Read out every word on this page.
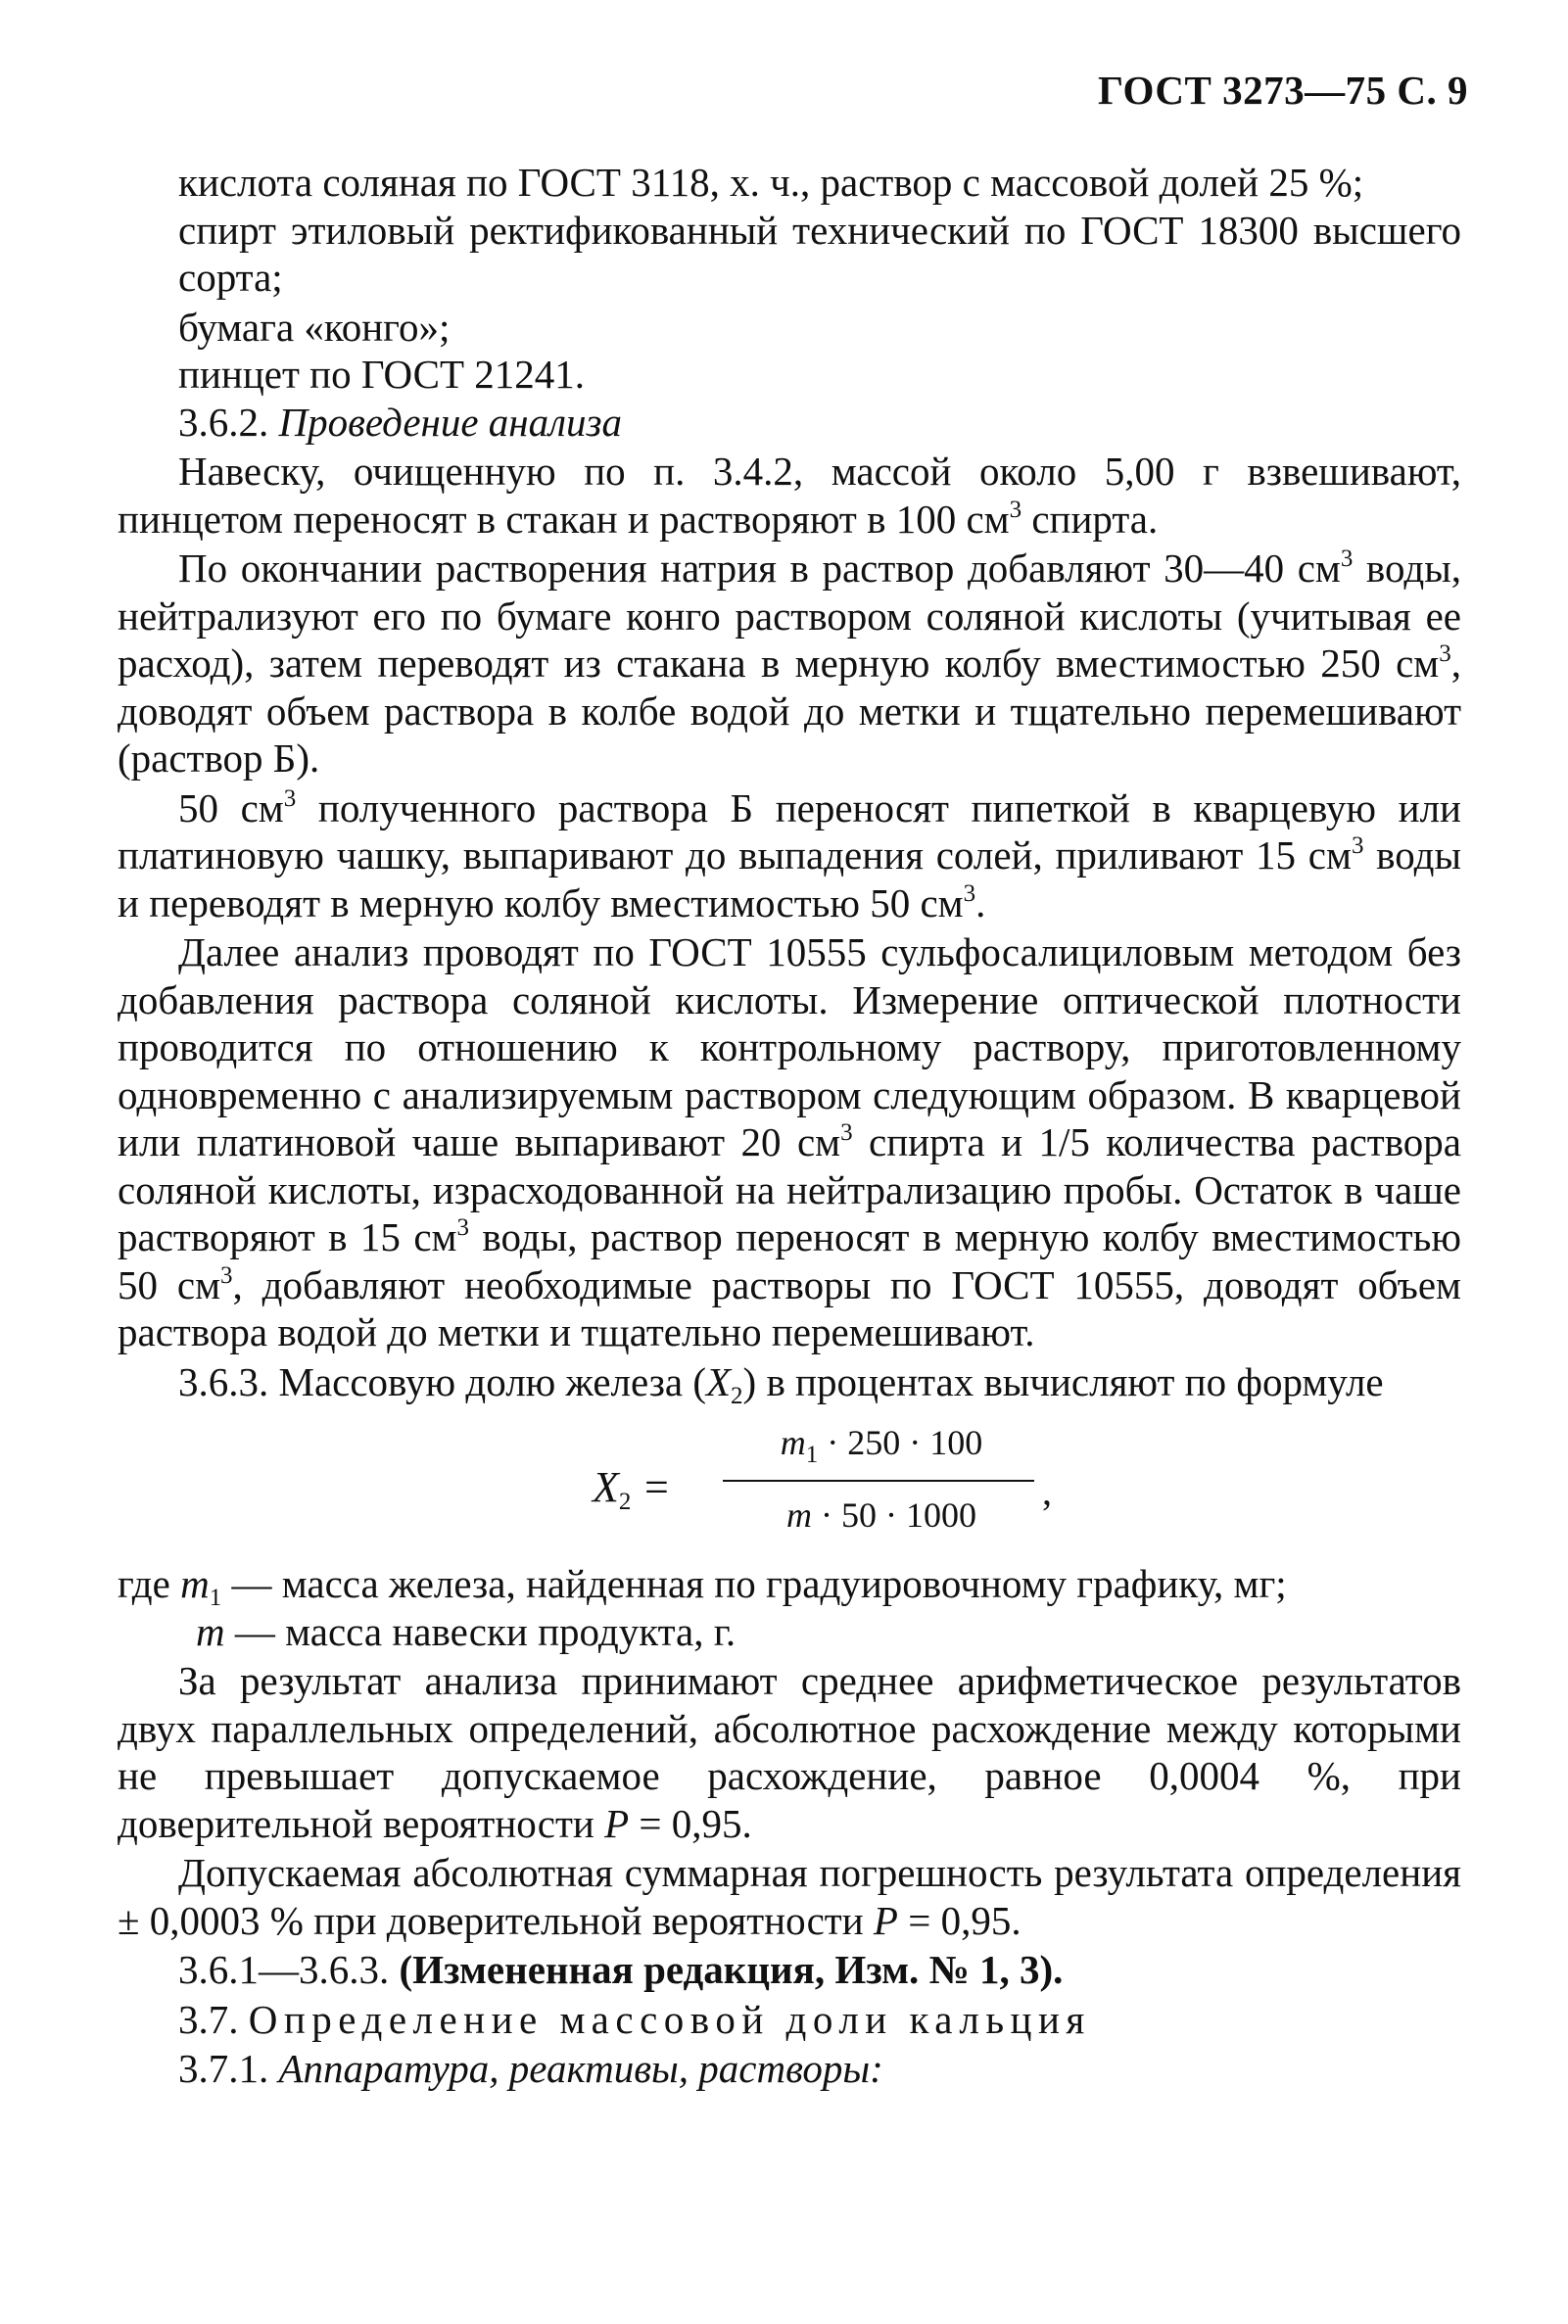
ГОСТ 3273—75 С. 9

кислота соляная по ГОСТ 3118, х. ч., раствор с массовой долей 25 %;

спирт этиловый ректификованный технический по ГОСТ 18300 высшего сорта;

бумага «конго»;

пинцет по ГОСТ 21241.

3.6.2. Проведение анализа

Навеску, очищенную по п. 3.4.2, массой около 5,00 г взвешивают, пинцетом переносят в стакан и растворяют в 100 $см^3$ спирта.

По окончании растворения натрия в раствор добавляют 30—40 $см^3$ воды, нейтрализуют его по бумаге конго раствором соляной кислоты (учитывая ее расход), затем переводят из стакана в мерную колбу вместимостью 250 $см^3$, доводят объем раствора в колбе водой до метки и тщательно перемешивают (раствор Б).

50 $см^3$ полученного раствора Б переносят пипеткой в кварцевую или платиновую чашку, выпаривают до выпадения солей, приливают 15 $см^3$ воды и переводят в мерную колбу вместимостью 50 $см^3$.

Далее анализ проводят по ГОСТ 10555 сульфосалициловым методом без добавления раствора соляной кислоты. Измерение оптической плотности проводится по отношению к контрольному раствору, приготовленному одновременно с анализируемым раствором следующим образом. В кварцевой или платиновой чаше выпаривают 20 $см^3$ спирта и 1/5 количества раствора соляной кислоты, израсходованной на нейтрализацию пробы. Остаток в чаше растворяют в 15 $см^3$ воды, раствор переносят в мерную колбу вместимостью 50 $см^3$, добавляют необходимые растворы по ГОСТ 10555, доводят объем раствора водой до метки и тщательно перемешивают.

3.6.3. Массовую долю железа $(X_2)$ в процентах вычисляют по формуле

$X_2$ =
$m_1 \cdot 250 \cdot 100$
m · 50 · 1000
,

где $m_1$ — масса железа, найденная по градуировочному графику, мг;

m — масса навески продукта, г.

За результат анализа принимают среднее арифметическое результатов двух параллельных определений, абсолютное расхождение между которыми не превышает допускаемое расхождение, равное 0,0004 %, при доверительной вероятности P = 0,95.

Допускаемая абсолютная суммарная погрешность результата определения ± 0,0003 % при доверительной вероятности P = 0,95.

3.6.1—3.6.3. (Измененная редакция, Изм. № 1, 3).

3.7. Определение массовой доли кальция

3.7.1. Аппаратура, реактивы, растворы:
